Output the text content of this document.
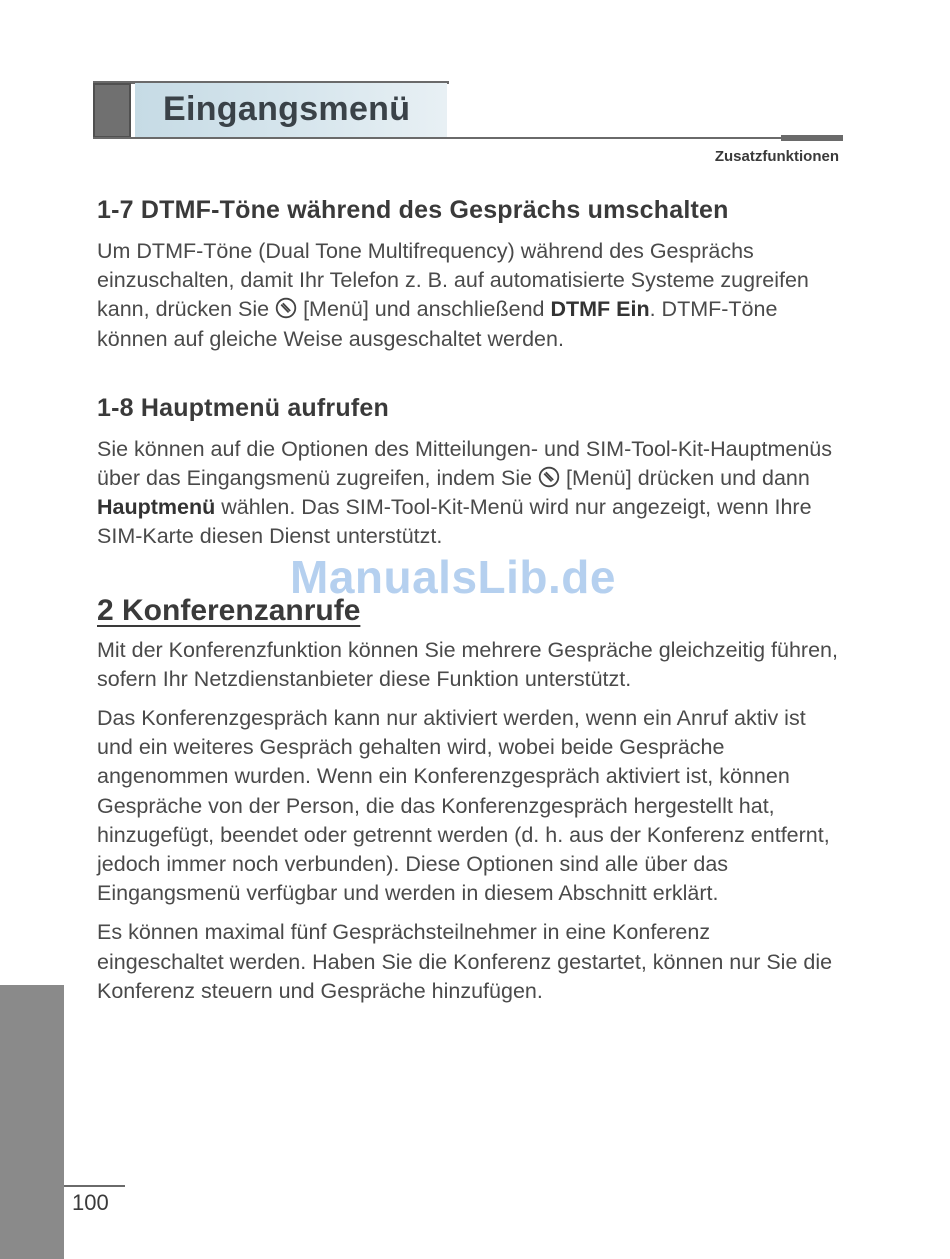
Eingangsmenü
Zusatzfunktionen
1-7 DTMF-Töne während des Gesprächs umschalten

Um DTMF-Töne (Dual Tone Multifrequency) während des Gesprächs einzuschalten, damit Ihr Telefon z. B. auf automatisierte Systeme zugreifen kann, drücken Sie  [Menü] und anschließend DTMF Ein. DTMF-Töne können auf gleiche Weise ausgeschaltet werden.

1-8 Hauptmenü aufrufen

Sie können auf die Optionen des Mitteilungen- und SIM-Tool-Kit-Hauptmenüs über das Eingangsmenü zugreifen, indem Sie  [Menü] drücken und dann Hauptmenü wählen. Das SIM-Tool-Kit-Menü wird nur angezeigt, wenn Ihre SIM-Karte diesen Dienst unterstützt.

2 Konferenzanrufe

Mit der Konferenzfunktion können Sie mehrere Gespräche gleichzeitig führen, sofern Ihr Netzdienstanbieter diese Funktion unterstützt.

Das Konferenzgespräch kann nur aktiviert werden, wenn ein Anruf aktiv ist und ein weiteres Gespräch gehalten wird, wobei beide Gespräche angenommen wurden. Wenn ein Konferenzgespräch aktiviert ist, können Gespräche von der Person, die das Konferenzgespräch hergestellt hat, hinzugefügt, beendet oder getrennt werden (d. h. aus der Konferenz entfernt, jedoch immer noch verbunden). Diese Optionen sind alle über das Eingangsmenü verfügbar und werden in diesem Abschnitt erklärt.

Es können maximal fünf Gesprächsteilnehmer in eine Konferenz eingeschaltet werden. Haben Sie die Konferenz gestartet, können nur Sie die Konferenz steuern und Gespräche hinzufügen.

ManualsLib.de
100
